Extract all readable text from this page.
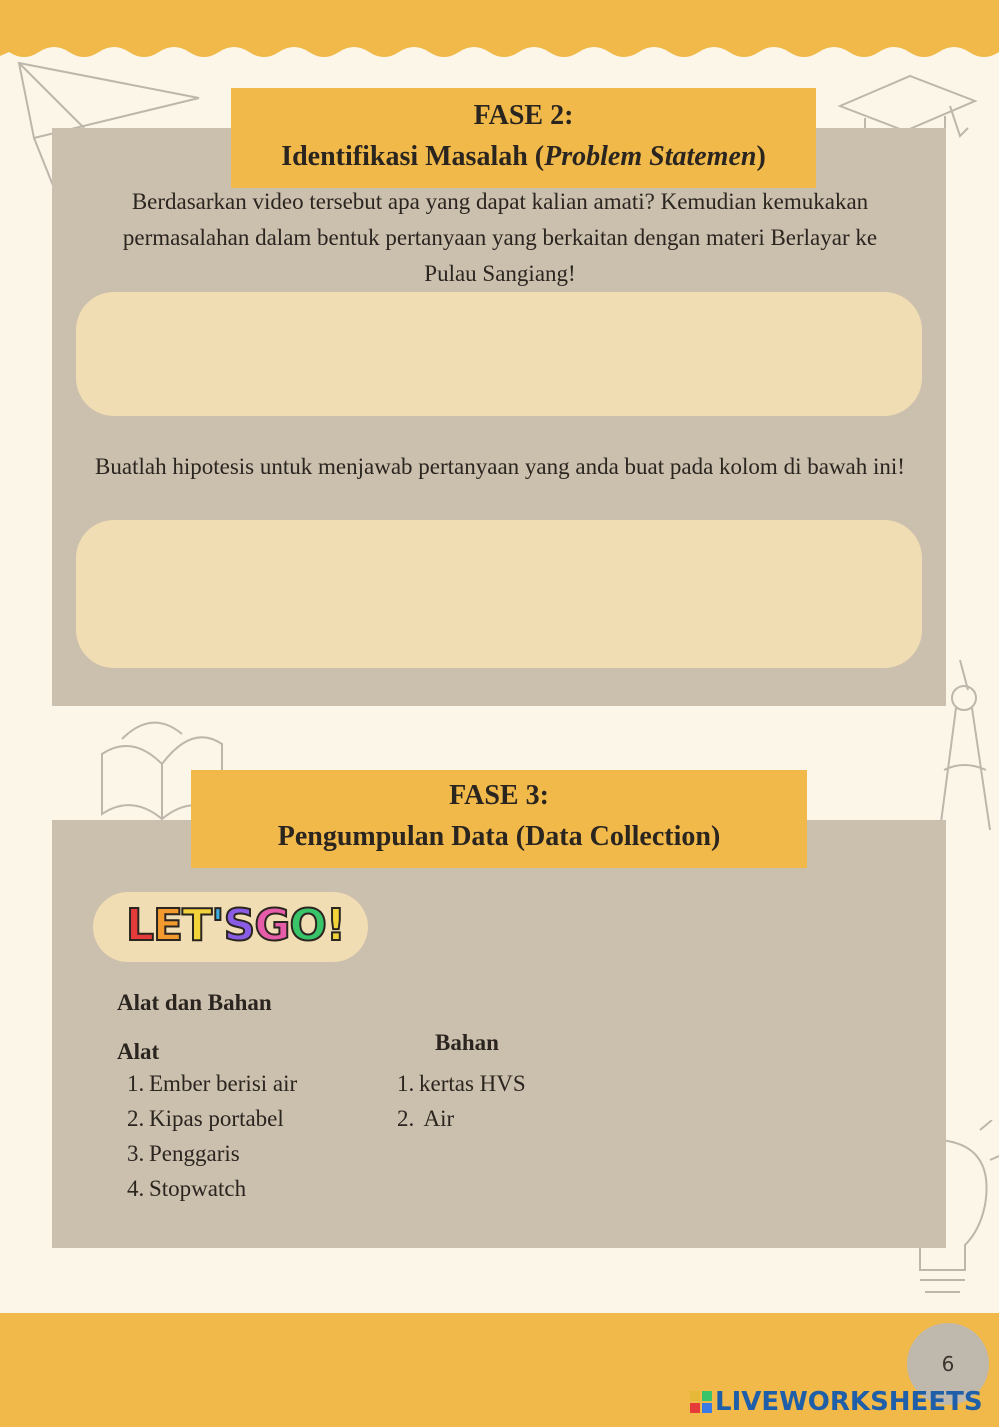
FASE 2:
Identifikasi Masalah (Problem Statemen)
Berdasarkan video tersebut apa yang dapat kalian amati? Kemudian kemukakan permasalahan dalam bentuk pertanyaan yang berkaitan dengan materi Berlayar ke Pulau Sangiang!
Buatlah hipotesis untuk menjawab pertanyaan yang anda buat pada kolom di bawah ini!
FASE 3:
Pengumpulan Data (Data Collection)
LET'SGO!
Alat dan Bahan
Alat	Bahan
1. Ember berisi air
2. Kipas portabel
3. Penggaris
4. Stopwatch
1. kertas HVS
2. Air
6
LIVEWORKSHEETS
